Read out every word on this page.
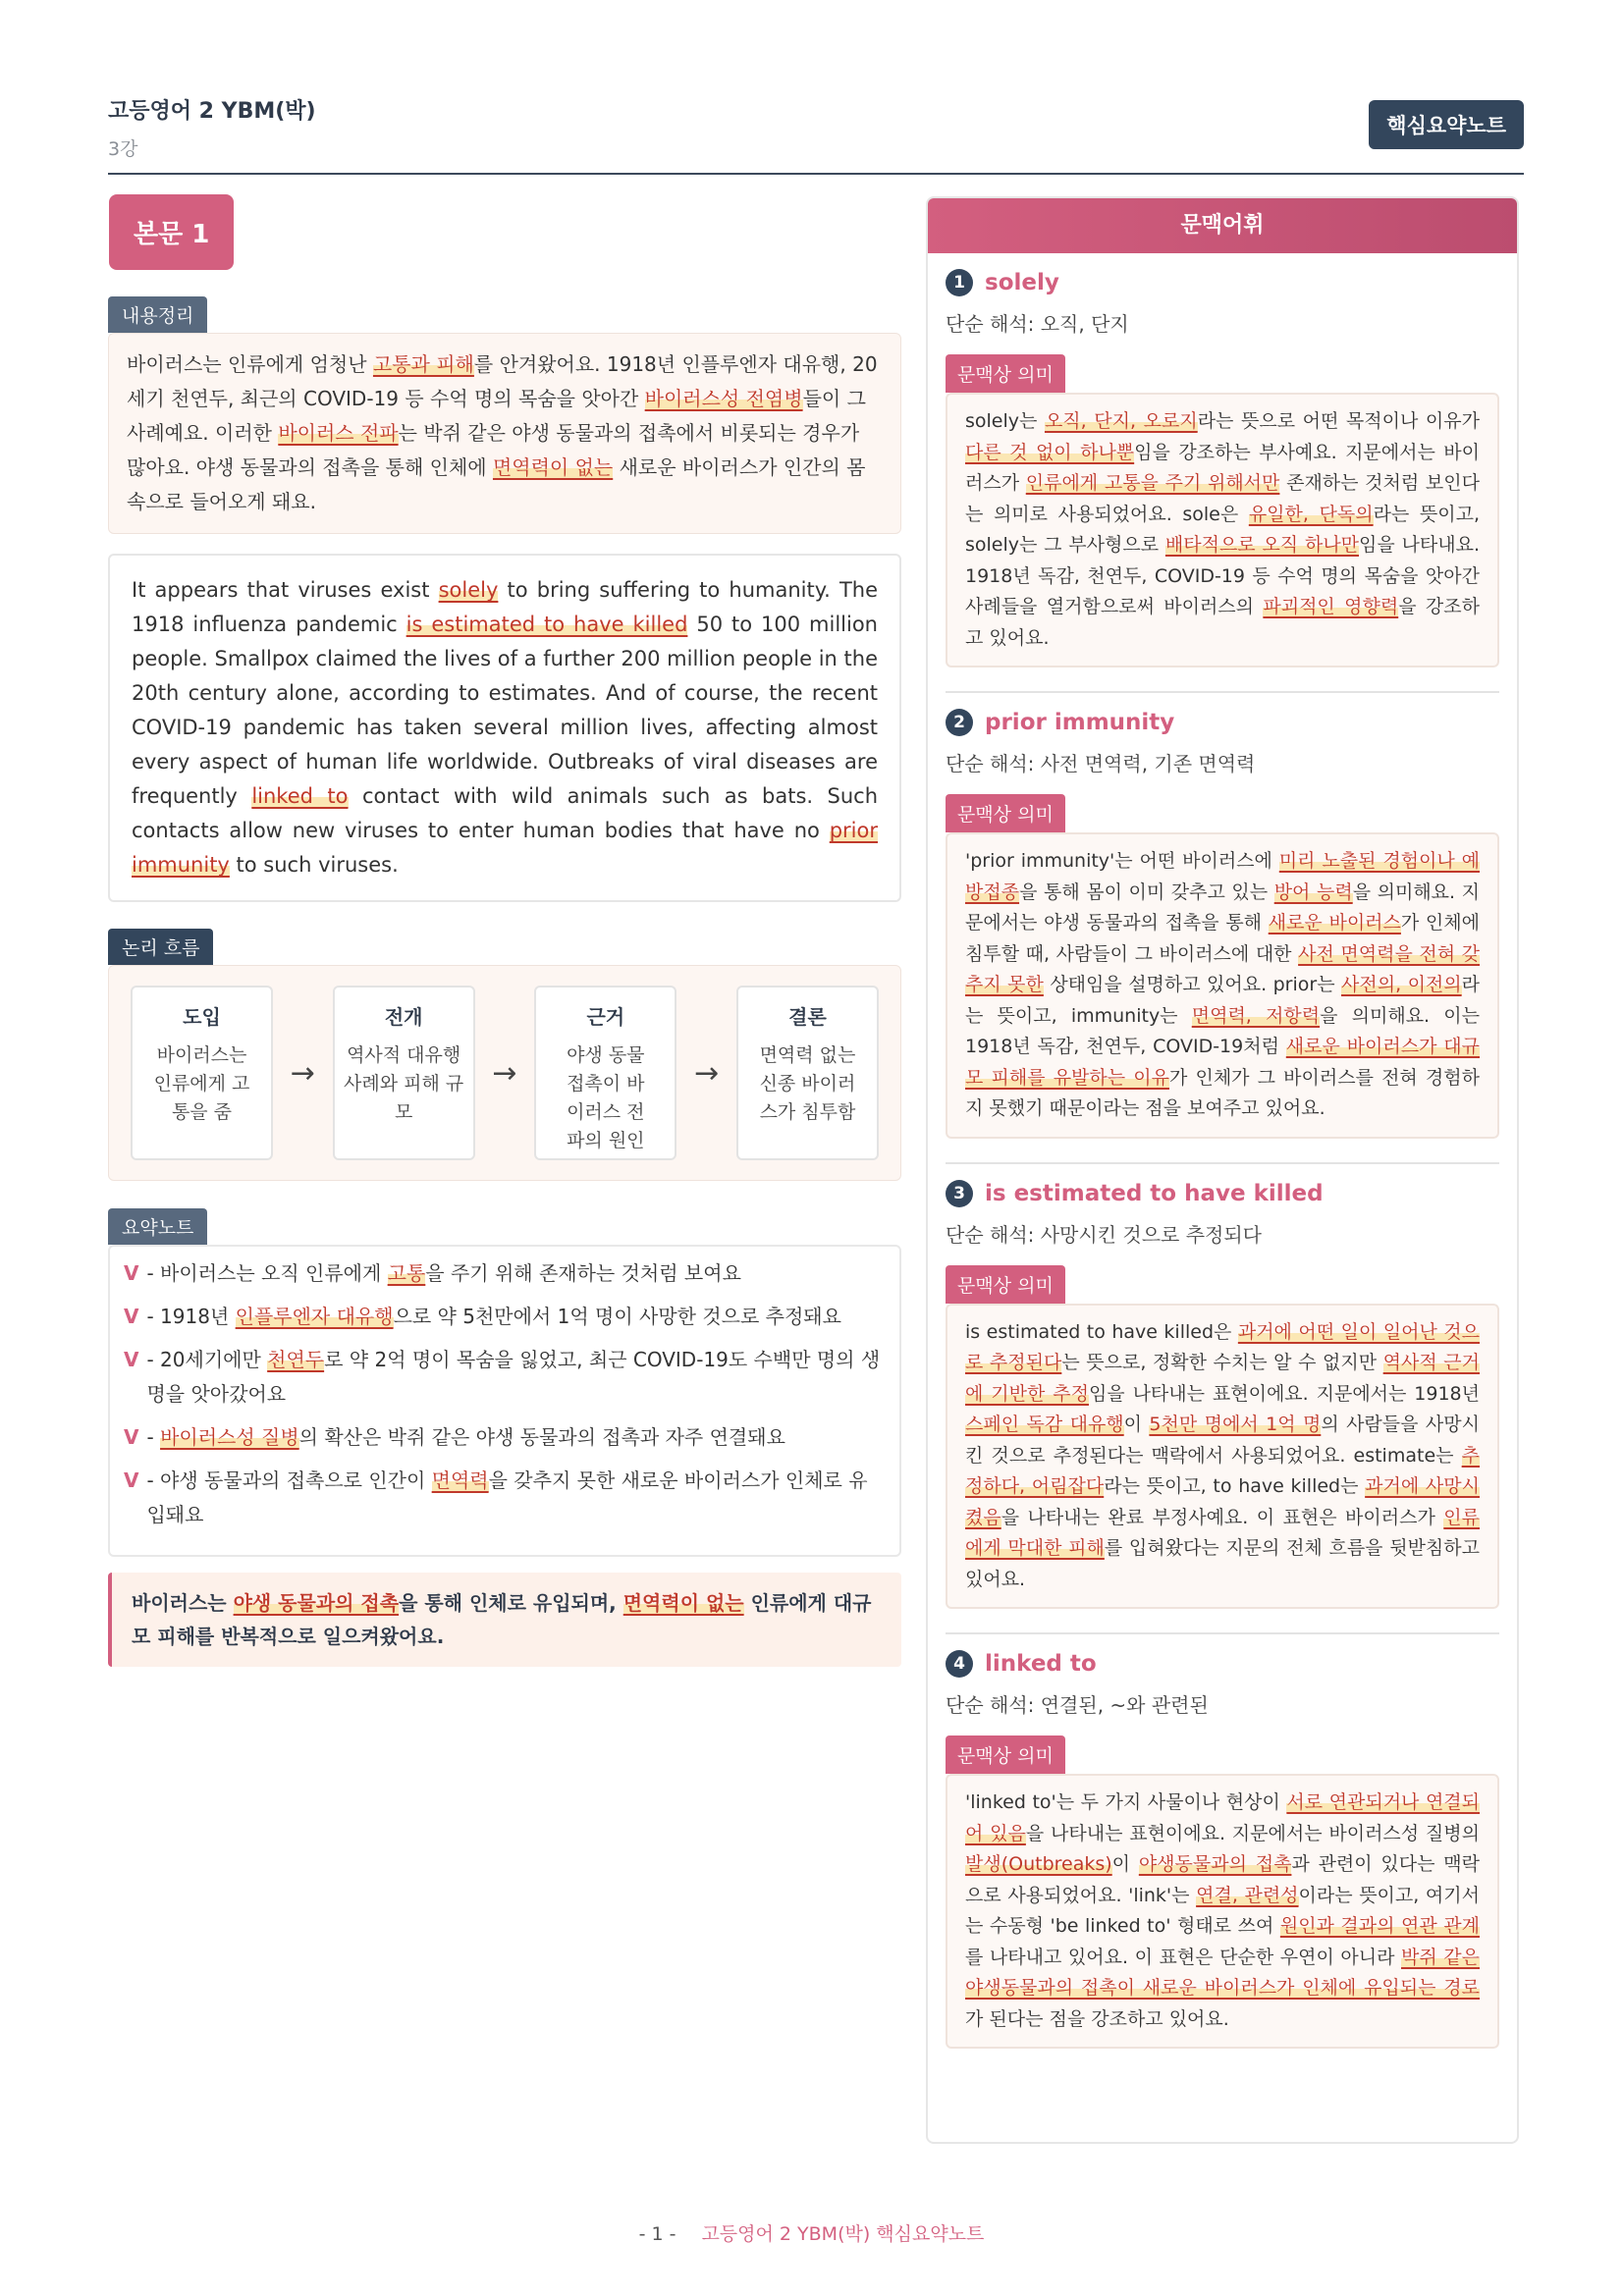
고등영어 2 YBM(박)
3강
핵심요약노트
본문 1
내용정리
바이러스는 인류에게 엄청난 고통과 피해를 안겨왔어요. 1918년 인플루엔자 대유행, 20세기 천연두, 최근의 COVID-19 등 수억 명의 목숨을 앗아간 바이러스성 전염병들이 그 사례예요. 이러한 바이러스 전파는 박쥐 같은 야생 동물과의 접촉에서 비롯되는 경우가 많아요. 야생 동물과의 접촉을 통해 인체에 면역력이 없는 새로운 바이러스가 인간의 몸속으로 들어오게 돼요.
It appears that viruses exist solely to bring suffering to humanity. The 1918 influenza pandemic is estimated to have killed 50 to 100 million people. Smallpox claimed the lives of a further 200 million people in the 20th century alone, according to estimates. And of course, the recent COVID-19 pandemic has taken several million lives, affecting almost every aspect of human life worldwide. Outbreaks of viral diseases are frequently linked to contact with wild animals such as bats. Such contacts allow new viruses to enter human bodies that have no prior immunity to such viruses.
논리 흐름
도입
바이러스는 인류에게 고통을 줌
→
전개
역사적 대유행 사례와 피해 규모
→
근거
야생 동물 접촉이 바이러스 전파의 원인
→
결론
면역력 없는 신종 바이러스가 침투함
요약노트
V - 바이러스는 오직 인류에게 고통을 주기 위해 존재하는 것처럼 보여요
V - 1918년 인플루엔자 대유행으로 약 5천만에서 1억 명이 사망한 것으로 추정돼요
V - 20세기에만 천연두로 약 2억 명이 목숨을 잃었고, 최근 COVID-19도 수백만 명의 생명을 앗아갔어요
V - 바이러스성 질병의 확산은 박쥐 같은 야생 동물과의 접촉과 자주 연결돼요
V - 야생 동물과의 접촉으로 인간이 면역력을 갖추지 못한 새로운 바이러스가 인체로 유입돼요
바이러스는 야생 동물과의 접촉을 통해 인체로 유입되며, 면역력이 없는 인류에게 대규모 피해를 반복적으로 일으켜왔어요.
문맥어휘
1 solely
단순 해석: 오직, 단지
문맥상 의미
solely는 오직, 단지, 오로지라는 뜻으로 어떤 목적이나 이유가 다른 것 없이 하나뿐임을 강조하는 부사예요. 지문에서는 바이러스가 인류에게 고통을 주기 위해서만 존재하는 것처럼 보인다는 의미로 사용되었어요. sole은 유일한, 단독의라는 뜻이고, solely는 그 부사형으로 배타적으로 오직 하나만임을 나타내요. 1918년 독감, 천연두, COVID-19 등 수억 명의 목숨을 앗아간 사례들을 열거함으로써 바이러스의 파괴적인 영향력을 강조하고 있어요.
2 prior immunity
단순 해석: 사전 면역력, 기존 면역력
문맥상 의미
'prior immunity'는 어떤 바이러스에 미리 노출된 경험이나 예방접종을 통해 몸이 이미 갖추고 있는 방어 능력을 의미해요. 지문에서는 야생 동물과의 접촉을 통해 새로운 바이러스가 인체에 침투할 때, 사람들이 그 바이러스에 대한 사전 면역력을 전혀 갖추지 못한 상태임을 설명하고 있어요. prior는 사전의, 이전의라는 뜻이고, immunity는 면역력, 저항력을 의미해요. 이는 1918년 독감, 천연두, COVID-19처럼 새로운 바이러스가 대규모 피해를 유발하는 이유가 인체가 그 바이러스를 전혀 경험하지 못했기 때문이라는 점을 보여주고 있어요.
3 is estimated to have killed
단순 해석: 사망시킨 것으로 추정되다
문맥상 의미
is estimated to have killed은 과거에 어떤 일이 일어난 것으로 추정된다는 뜻으로, 정확한 수치는 알 수 없지만 역사적 근거에 기반한 추정임을 나타내는 표현이에요. 지문에서는 1918년 스페인 독감 대유행이 5천만 명에서 1억 명의 사람들을 사망시킨 것으로 추정된다는 맥락에서 사용되었어요. estimate는 추정하다, 어림잡다라는 뜻이고, to have killed는 과거에 사망시켰음을 나타내는 완료 부정사예요. 이 표현은 바이러스가 인류에게 막대한 피해를 입혀왔다는 지문의 전체 흐름을 뒷받침하고 있어요.
4 linked to
단순 해석: 연결된, ~와 관련된
문맥상 의미
'linked to'는 두 가지 사물이나 현상이 서로 연관되거나 연결되어 있음을 나타내는 표현이에요. 지문에서는 바이러스성 질병의 발생(Outbreaks)이 야생동물과의 접촉과 관련이 있다는 맥락으로 사용되었어요. 'link'는 연결, 관련성이라는 뜻이고, 여기서는 수동형 'be linked to' 형태로 쓰여 원인과 결과의 연관 관계를 나타내고 있어요. 이 표현은 단순한 우연이 아니라 박쥐 같은 야생동물과의 접촉이 새로운 바이러스가 인체에 유입되는 경로가 된다는 점을 강조하고 있어요.
- 1 - 고등영어 2 YBM(박) 핵심요약노트
